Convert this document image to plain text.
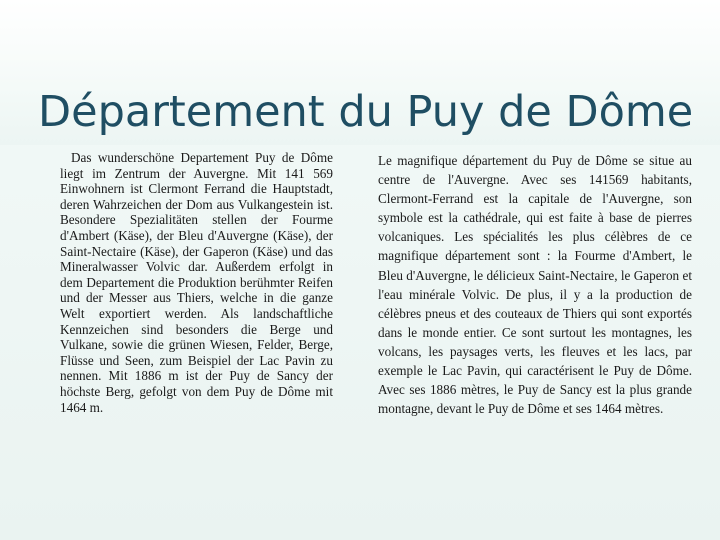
Département du Puy de Dôme

Das wunderschöne Departement Puy de Dôme liegt im Zentrum der Auvergne. Mit 141 569 Einwohnern ist Clermont Ferrand die Hauptstadt, deren Wahrzeichen der Dom aus Vulkangestein ist. Besondere Spezialitäten stellen der Fourme d'Ambert (Käse), der Bleu d'Auvergne (Käse), der Saint-Nectaire (Käse), der Gaperon (Käse) und das Mineralwasser Volvic dar. Außerdem erfolgt in dem Departement die Produktion berühmter Reifen und der Messer aus Thiers, welche in die ganze Welt exportiert werden. Als landschaftliche Kennzeichen sind besonders die Berge und Vulkane, sowie die grünen Wiesen, Felder, Berge, Flüsse und Seen, zum Beispiel der Lac Pavin zu nennen. Mit 1886 m ist der Puy de Sancy der höchste Berg, gefolgt von dem Puy de Dôme mit 1464 m.

Le magnifique département du Puy de Dôme se situe au centre de l'Auvergne. Avec ses 141569 habitants, Clermont-Ferrand est la capitale de l'Auvergne, son symbole est la cathédrale, qui est faite à base de pierres volcaniques. Les spécialités les plus célèbres de ce magnifique département sont : la Fourme d'Ambert, le Bleu d'Auvergne, le délicieux Saint-Nectaire, le Gaperon et l'eau minérale Volvic. De plus, il y a la production de célèbres pneus et des couteaux de Thiers qui sont exportés dans le monde entier. Ce sont surtout les montagnes, les volcans, les paysages verts, les fleuves et les lacs, par exemple le Lac Pavin, qui caractérisent le Puy de Dôme. Avec ses 1886 mètres, le Puy de Sancy est la plus grande montagne, devant le Puy de Dôme et ses 1464 mètres.
